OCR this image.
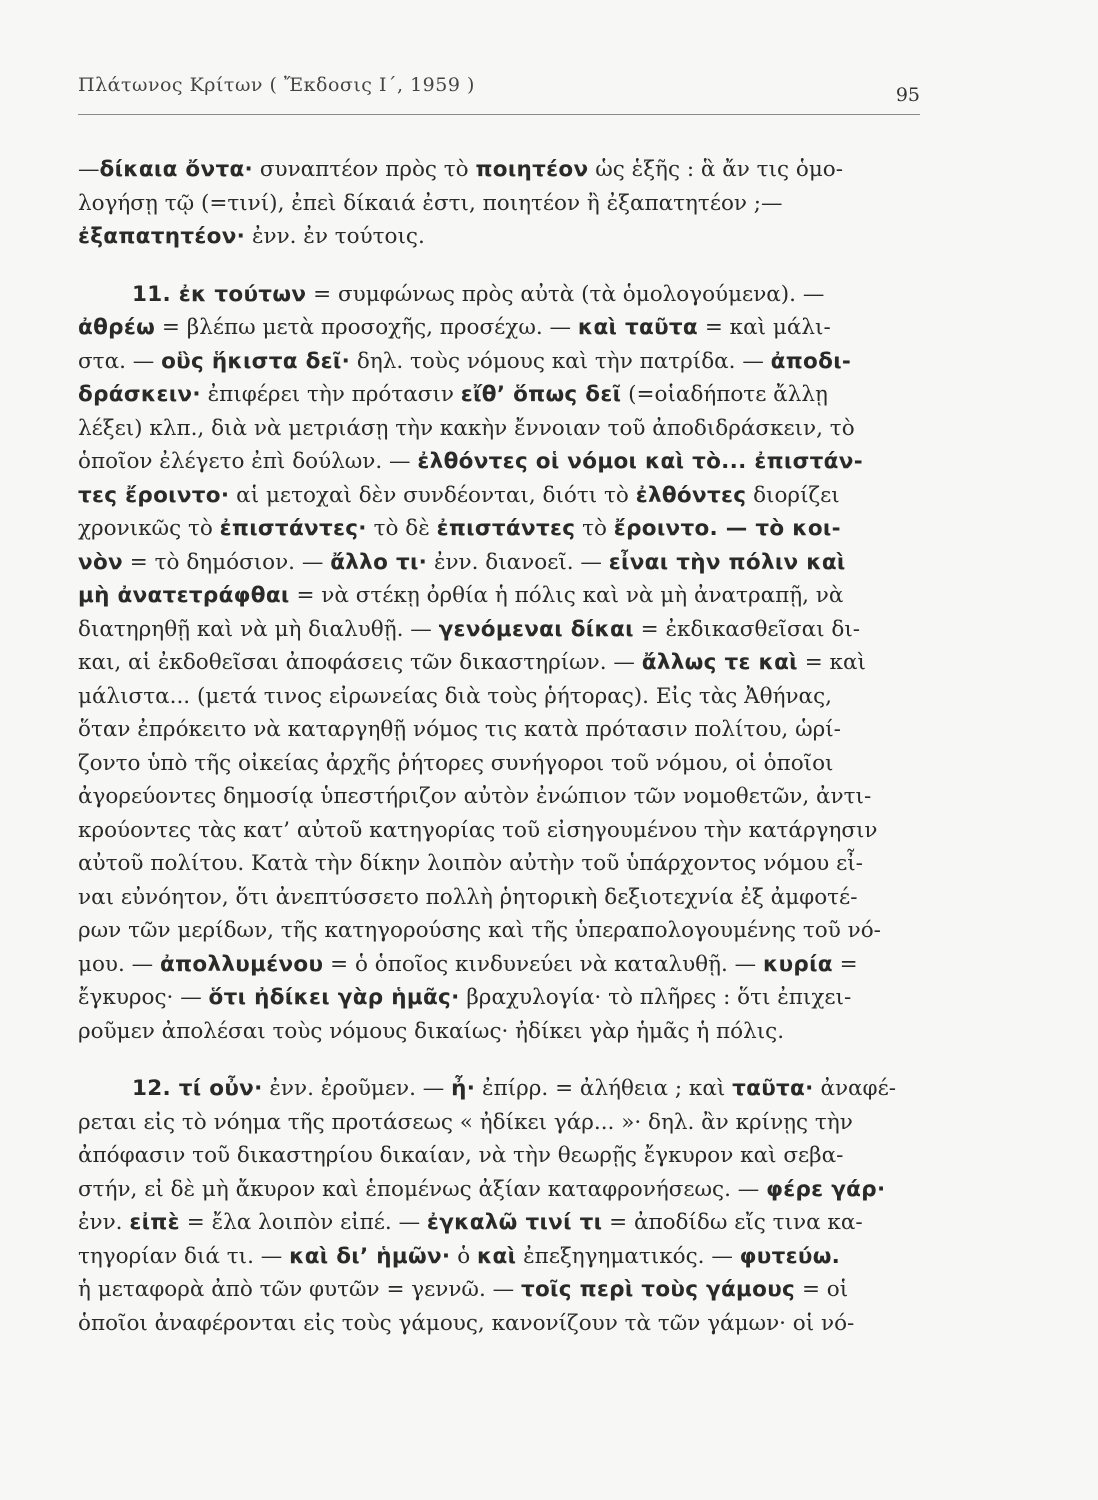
Πλάτωνος Κρίτων ( Ἔκδοσις Ι΄, 1959 )	95
—δίκαια ὄντα· συναπτέον πρὸς τὸ ποιητέον ὡς ἑξῆς : ἃ ἄν τις ὁμο-
λογήσῃ τῷ (=τινί), ἐπεὶ δίκαιά ἐστι, ποιητέον ἢ ἐξαπατητέον ;—
ἐξαπατητέον· ἐνν. ἐν τούτοις.
11. ἐκ τούτων = συμφώνως πρὸς αὐτὰ (τὰ ὁμολογούμενα). —
ἀθρέω = βλέπω μετὰ προσοχῆς, προσέχω. — καὶ ταῦτα = καὶ μάλι-
στα. — οὓς ἥκιστα δεῖ· δηλ. τοὺς νόμους καὶ τὴν πατρίδα. — ἀποδι-
δράσκειν· ἐπιφέρει τὴν πρότασιν εἴθ’ ὅπως δεῖ (=οἱαδήποτε ἄλλῃ
λέξει) κλπ., διὰ νὰ μετριάσῃ τὴν κακὴν ἔννοιαν τοῦ ἀποδιδράσκειν, τὸ
ὁποῖον ἐλέγετο ἐπὶ δούλων. — ἐλθόντες οἱ νόμοι καὶ τὸ... ἐπιστάν-
τες ἔροιντο· αἱ μετοχαὶ δὲν συνδέονται, διότι τὸ ἐλθόντες διορίζει
χρονικῶς τὸ ἐπιστάντες· τὸ δὲ ἐπιστάντες τὸ ἔροιντο. — τὸ κοι-
νὸν = τὸ δημόσιον. — ἄλλο τι· ἐνν. διανοεῖ. — εἶναι τὴν πόλιν καὶ
μὴ ἀνατετράφθαι = νὰ στέκῃ ὀρθία ἡ πόλις καὶ νὰ μὴ ἀνατραπῇ, νὰ
διατηρηθῇ καὶ νὰ μὴ διαλυθῇ. — γενόμεναι δίκαι = ἐκδικασθεῖσαι δι-
και, αἱ ἐκδοθεῖσαι ἀποφάσεις τῶν δικαστηρίων. — ἄλλως τε καὶ = καὶ
μάλιστα... (μετά τινος εἰρωνείας διὰ τοὺς ῥήτορας). Εἰς τὰς Ἀθήνας,
ὅταν ἐπρόκειτο νὰ καταργηθῇ νόμος τις κατὰ πρότασιν πολίτου, ὡρί-
ζοντο ὑπὸ τῆς οἰκείας ἀρχῆς ῥήτορες συνήγοροι τοῦ νόμου, οἱ ὁποῖοι
ἀγορεύοντες δημοσίᾳ ὑπεστήριζον αὐτὸν ἐνώπιον τῶν νομοθετῶν, ἀντι-
κρούοντες τὰς κατ’ αὐτοῦ κατηγορίας τοῦ εἰσηγουμένου τὴν κατάργησιν
αὐτοῦ πολίτου. Κατὰ τὴν δίκην λοιπὸν αὐτὴν τοῦ ὑπάρχοντος νόμου εἶ-
ναι εὐνόητον, ὅτι ἀνεπτύσσετο πολλὴ ῥητορικὴ δεξιοτεχνία ἐξ ἀμφοτέ-
ρων τῶν μερίδων, τῆς κατηγορούσης καὶ τῆς ὑπεραπολογουμένης τοῦ νό-
μου. — ἀπολλυμένου = ὁ ὁποῖος κινδυνεύει νὰ καταλυθῇ. — κυρία =
ἔγκυρος· — ὅτι ἠδίκει γὰρ ἡμᾶς· βραχυλογία· τὸ πλῆρες : ὅτι ἐπιχει-
ροῦμεν ἀπολέσαι τοὺς νόμους δικαίως· ἠδίκει γὰρ ἡμᾶς ἡ πόλις.
12. τί οὖν· ἐνν. ἐροῦμεν. — ἦ· ἐπίρρ. = ἀλήθεια ; καὶ ταῦτα· ἀναφέ-
ρεται εἰς τὸ νόημα τῆς προτάσεως « ἠδίκει γάρ... »· δηλ. ἂν κρίνῃς τὴν
ἀπόφασιν τοῦ δικαστηρίου δικαίαν, νὰ τὴν θεωρῇς ἔγκυρον καὶ σεβα-
στήν, εἰ δὲ μὴ ἄκυρον καὶ ἑπομένως ἀξίαν καταφρονήσεως. — φέρε γάρ·
ἐνν. εἰπὲ = ἔλα λοιπὸν εἰπέ. — ἐγκαλῶ τινί τι = ἀποδίδω εἴς τινα κα-
τηγορίαν διά τι. — καὶ δι’ ἡμῶν· ὁ καὶ ἐπεξηγηματικός. — φυτεύω.
ἡ μεταφορὰ ἀπὸ τῶν φυτῶν = γεννῶ. — τοῖς περὶ τοὺς γάμους = οἱ
ὁποῖοι ἀναφέρονται εἰς τοὺς γάμους, κανονίζουν τὰ τῶν γάμων· οἱ νό-
